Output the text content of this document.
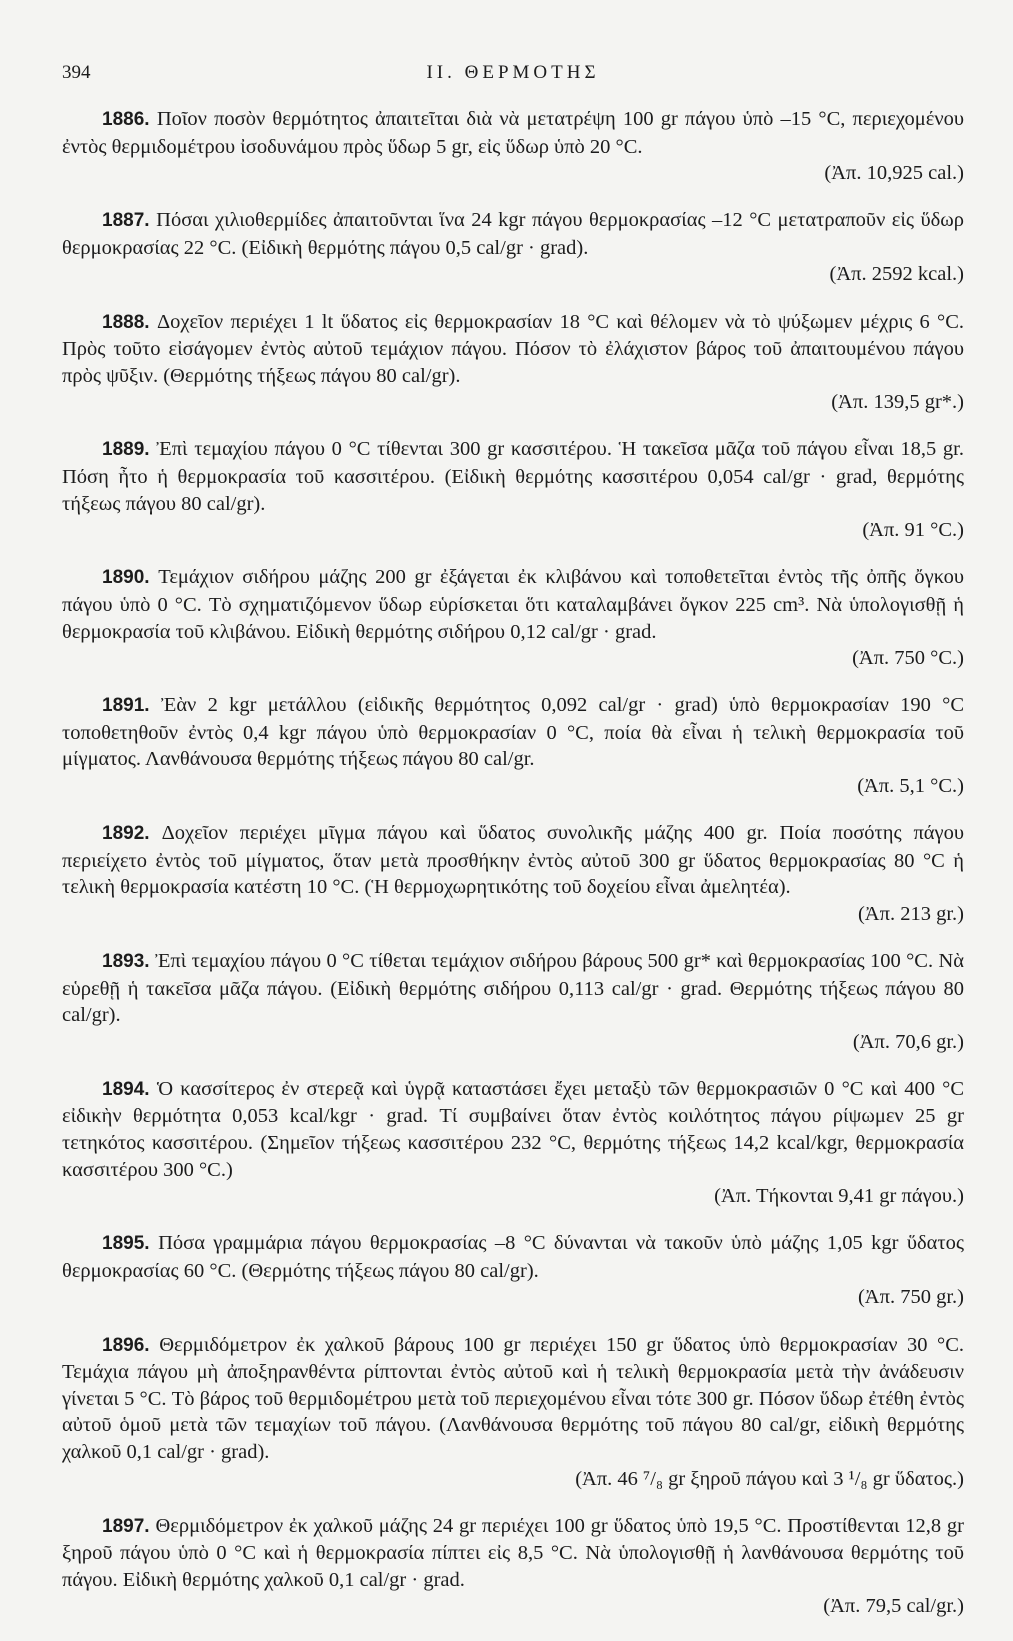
394	II. ΘΕΡΜΟΤΗΣ

1886 . Ποῖον ποσὸν θερμότητος ἀπαιτεῖται διὰ νὰ μετατρέψη 100 gr πάγου ὑπὸ –15 °C, περιεχομένου ἐντὸς θερμιδομέτρου ἰσοδυνάμου πρὸς ὕδωρ 5 gr, εἰς ὕδωρ ὑπὸ 20 °C.
(Ἀπ. 10,925 cal.)

1887 . Πόσαι χιλιοθερμίδες ἀπαιτοῦνται ἵνα 24 kgr πάγου θερμοκρασίας –12 °C μετατραποῦν εἰς ὕδωρ θερμοκρασίας 22 °C. (Εἰδικὴ θερμότης πάγου 0,5 cal/gr · grad).
(Ἀπ. 2592 kcal.)

1888 . Δοχεῖον περιέχει 1 lt ὕδατος εἰς θερμοκρασίαν 18 °C καὶ θέλομεν νὰ τὸ ψύξωμεν μέχρις 6 °C. Πρὸς τοῦτο εἰσάγομεν ἐντὸς αὐτοῦ τεμάχιον πάγου. Πόσον τὸ ἐλάχιστον βάρος τοῦ ἀπαιτουμένου πάγου πρὸς ψῦξιν. (Θερμότης τήξεως πάγου 80 cal/gr).
(Ἀπ. 139,5 gr*.)

1889 . Ἐπὶ τεμαχίου πάγου 0 °C τίθενται 300 gr κασσιτέρου. Ἡ τακεῖσα μᾶζα τοῦ πάγου εἶναι 18,5 gr. Πόση ἦτο ἡ θερμοκρασία τοῦ κασσιτέρου. (Εἰδικὴ θερμότης κασσιτέρου 0,054 cal/gr · grad, θερμότης τήξεως πάγου 80 cal/gr).
(Ἀπ. 91 °C.)

1890 . Τεμάχιον σιδήρου μάζης 200 gr ἐξάγεται ἐκ κλιβάνου καὶ τοποθετεῖται ἐντὸς τῆς ὀπῆς ὄγκου πάγου ὑπὸ 0 °C. Τὸ σχηματιζόμενον ὕδωρ εὑρίσκεται ὅτι καταλαμβάνει ὄγκον 225 cm³. Νὰ ὑπολογισθῇ ἡ θερμοκρασία τοῦ κλιβάνου. Εἰδικὴ θερμότης σιδήρου 0,12 cal/gr · grad.
(Ἀπ. 750 °C.)

1891 . Ἐὰν 2 kgr μετάλλου (εἰδικῆς θερμότητος 0,092 cal/gr · grad) ὑπὸ θερμοκρασίαν 190 °C τοποθετηθοῦν ἐντὸς 0,4 kgr πάγου ὑπὸ θερμοκρασίαν 0 °C, ποία θὰ εἶναι ἡ τελικὴ θερμοκρασία τοῦ μίγματος. Λανθάνουσα θερμότης τήξεως πάγου 80 cal/gr.
(Ἀπ. 5,1 °C.)

1892 . Δοχεῖον περιέχει μῖγμα πάγου καὶ ὕδατος συνολικῆς μάζης 400 gr. Ποία ποσότης πάγου περιείχετο ἐντὸς τοῦ μίγματος, ὅταν μετὰ προσθήκην ἐντὸς αὐτοῦ 300 gr ὕδατος θερμοκρασίας 80 °C ἡ τελικὴ θερμοκρασία κατέστη 10 °C. (Ἡ θερμοχωρητικότης τοῦ δοχείου εἶναι ἀμελητέα).
(Ἀπ. 213 gr.)

1893 . Ἐπὶ τεμαχίου πάγου 0 °C τίθεται τεμάχιον σιδήρου βάρους 500 gr* καὶ θερμοκρασίας 100 °C. Νὰ εὑρεθῇ ἡ τακεῖσα μᾶζα πάγου. (Εἰδικὴ θερμότης σιδήρου 0,113 cal/gr · grad. Θερμότης τήξεως πάγου 80 cal/gr).
(Ἀπ. 70,6 gr.)

1894 . Ὁ κασσίτερος ἐν στερεᾷ καὶ ὑγρᾷ καταστάσει ἔχει μεταξὺ τῶν θερμοκρασιῶν 0 °C καὶ 400 °C εἰδικὴν θερμότητα 0,053 kcal/kgr · grad. Τί συμβαίνει ὅταν ἐντὸς κοιλότητος πάγου ρίψωμεν 25 gr τετηκότος κασσιτέρου. (Σημεῖον τήξεως κασσιτέρου 232 °C, θερμότης τήξεως 14,2 kcal/kgr, θερμοκρασία κασσιτέρου 300 °C.)
(Ἀπ. Τήκονται 9,41 gr πάγου.)

1895 . Πόσα γραμμάρια πάγου θερμοκρασίας –8 °C δύνανται νὰ τακοῦν ὑπὸ μάζης 1,05 kgr ὕδατος θερμοκρασίας 60 °C. (Θερμότης τήξεως πάγου 80 cal/gr).
(Ἀπ. 750 gr.)

1896 . Θερμιδόμετρον ἐκ χαλκοῦ βάρους 100 gr περιέχει 150 gr ὕδατος ὑπὸ θερμοκρασίαν 30 °C. Τεμάχια πάγου μὴ ἀποξηρανθέντα ρίπτονται ἐντὸς αὐτοῦ καὶ ἡ τελικὴ θερμοκρασία μετὰ τὴν ἀνάδευσιν γίνεται 5 °C. Τὸ βάρος τοῦ θερμιδομέτρου μετὰ τοῦ περιεχομένου εἶναι τότε 300 gr. Πόσον ὕδωρ ἐτέθη ἐντὸς αὐτοῦ ὁμοῦ μετὰ τῶν τεμαχίων τοῦ πάγου. (Λανθάνουσα θερμότης τοῦ πάγου 80 cal/gr, εἰδικὴ θερμότης χαλκοῦ 0,1 cal/gr · grad).
(Ἀπ. 46 ⁷/₈ gr ξηροῦ πάγου καὶ 3 ¹/₈ gr ὕδατος.)

1897 . Θερμιδόμετρον ἐκ χαλκοῦ μάζης 24 gr περιέχει 100 gr ὕδατος ὑπὸ 19,5 °C. Προστίθενται 12,8 gr ξηροῦ πάγου ὑπὸ 0 °C καὶ ἡ θερμοκρασία πίπτει εἰς 8,5 °C. Νὰ ὑπολογισθῇ ἡ λανθάνουσα θερμότης τοῦ πάγου. Εἰδικὴ θερμότης χαλκοῦ 0,1 cal/gr · grad.
(Ἀπ. 79,5 cal/gr.)
